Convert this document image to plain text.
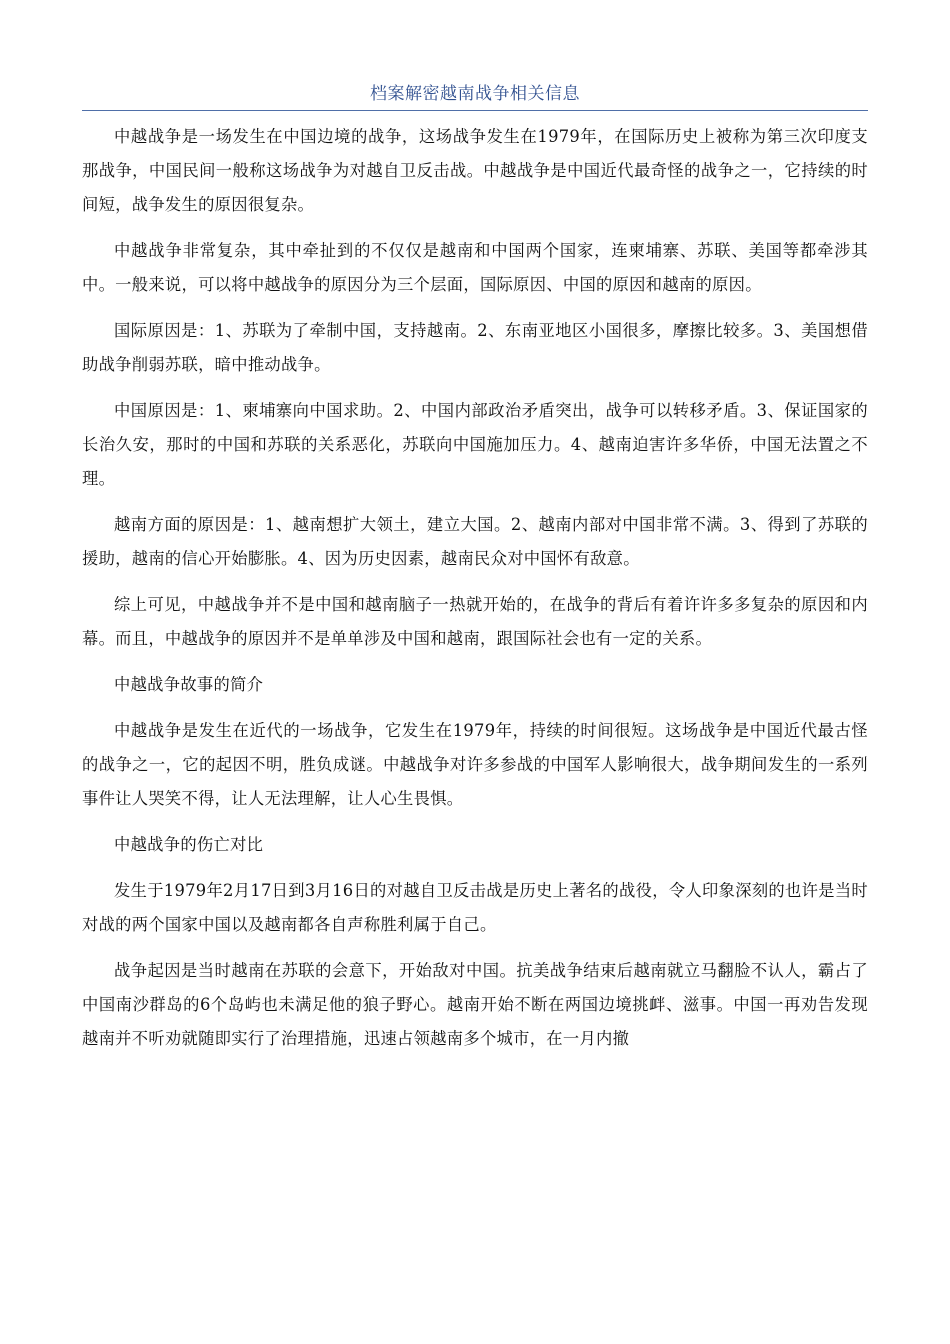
档案解密越南战争相关信息

中越战争是一场发生在中国边境的战争，这场战争发生在1979年，在国际历史上被称为第三次印度支那战争，中国民间一般称这场战争为对越自卫反击战。中越战争是中国近代最奇怪的战争之一，它持续的时间短，战争发生的原因很复杂。

中越战争非常复杂，其中牵扯到的不仅仅是越南和中国两个国家，连柬埔寨、苏联、美国等都牵涉其中。一般来说，可以将中越战争的原因分为三个层面，国际原因、中国的原因和越南的原因。

国际原因是：1、苏联为了牵制中国，支持越南。2、东南亚地区小国很多，摩擦比较多。3、美国想借助战争削弱苏联，暗中推动战争。

中国原因是：1、柬埔寨向中国求助。2、中国内部政治矛盾突出，战争可以转移矛盾。3、保证国家的长治久安，那时的中国和苏联的关系恶化，苏联向中国施加压力。4、越南迫害许多华侨，中国无法置之不理。

越南方面的原因是：1、越南想扩大领土，建立大国。2、越南内部对中国非常不满。3、得到了苏联的援助，越南的信心开始膨胀。4、因为历史因素，越南民众对中国怀有敌意。

综上可见，中越战争并不是中国和越南脑子一热就开始的，在战争的背后有着许许多多复杂的原因和内幕。而且，中越战争的原因并不是单单涉及中国和越南，跟国际社会也有一定的关系。

中越战争故事的简介

中越战争是发生在近代的一场战争，它发生在1979年，持续的时间很短。这场战争是中国近代最古怪的战争之一，它的起因不明，胜负成谜。中越战争对许多参战的中国军人影响很大，战争期间发生的一系列事件让人哭笑不得，让人无法理解，让人心生畏惧。

中越战争的伤亡对比

发生于1979年2月17日到3月16日的对越自卫反击战是历史上著名的战役，令人印象深刻的也许是当时对战的两个国家中国以及越南都各自声称胜利属于自己。

战争起因是当时越南在苏联的会意下，开始敌对中国。抗美战争结束后越南就立马翻脸不认人，霸占了中国南沙群岛的6个岛屿也未满足他的狼子野心。越南开始不断在两国边境挑衅、滋事。中国一再劝告发现越南并不听劝就随即实行了治理措施，迅速占领越南多个城市，在一月内撤
